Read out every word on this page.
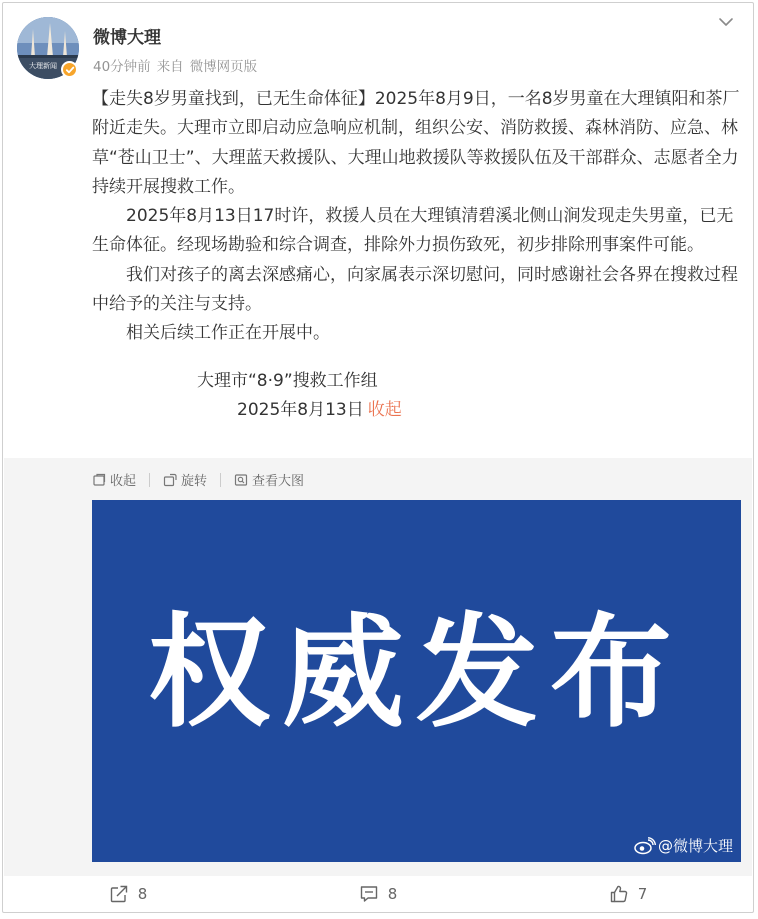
大理新闻
微博大理
40分钟前 来自 微博网页版

【走失8岁男童找到，已无生命体征】2025年8月9日，一名8岁男童在大理镇阳和茶厂附近走失。大理市立即启动应急响应机制，组织公安、消防救援、森林消防、应急、林草“苍山卫士”、大理蓝天救援队、大理山地救援队等救援队伍及干部群众、志愿者全力持续开展搜救工作。

2025年8月13日17时许，救援人员在大理镇清碧溪北侧山涧发现走失男童，已无生命体征。经现场勘验和综合调查，排除外力损伤致死，初步排除刑事案件可能。

我们对孩子的离去深感痛心，向家属表示深切慰问，同时感谢社会各界在搜救过程中给予的关注与支持。

相关后续工作正在开展中。

大理市“8·9”搜救工作组

2025年8月13日 收起

收起	旋转	查看大图
权威发布
@微博大理
8	8	7
